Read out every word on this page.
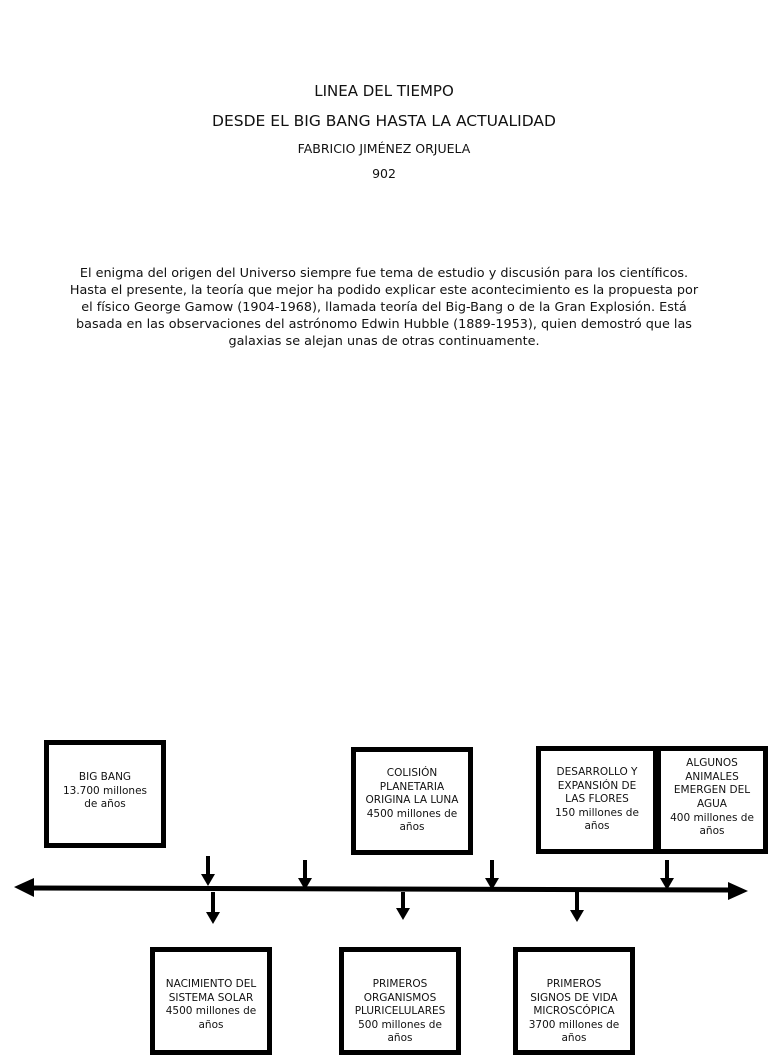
LINEA DEL TIEMPO
DESDE EL BIG BANG HASTA LA ACTUALIDAD
FABRICIO JIMÉNEZ ORJUELA
902

El enigma del origen del Universo siempre fue tema de estudio y discusión para los científicos. Hasta el presente, la teoría que mejor ha podido explicar este acontecimiento es la propuesta por el físico George Gamow (1904-1968), llamada teoría del Big-Bang o de la Gran Explosión. Está basada en las observaciones del astrónomo Edwin Hubble (1889-1953), quien demostró que las galaxias se alejan unas de otras continuamente.

BIG BANG
13.700 millones
de años
COLISIÓN
PLANETARIA
ORIGINA LA LUNA
4500 millones de
años
DESARROLLO Y
EXPANSIÓN DE
LAS FLORES
150 millones de
años
ALGUNOS
ANIMALES
EMERGEN DEL
AGUA
400 millones de
años
NACIMIENTO DEL
SISTEMA SOLAR
4500 millones de
años
PRIMEROS
ORGANISMOS
PLURICELULARES
500 millones de
años
PRIMEROS
SIGNOS DE VIDA
MICROSCÓPICA
3700 millones de
años
